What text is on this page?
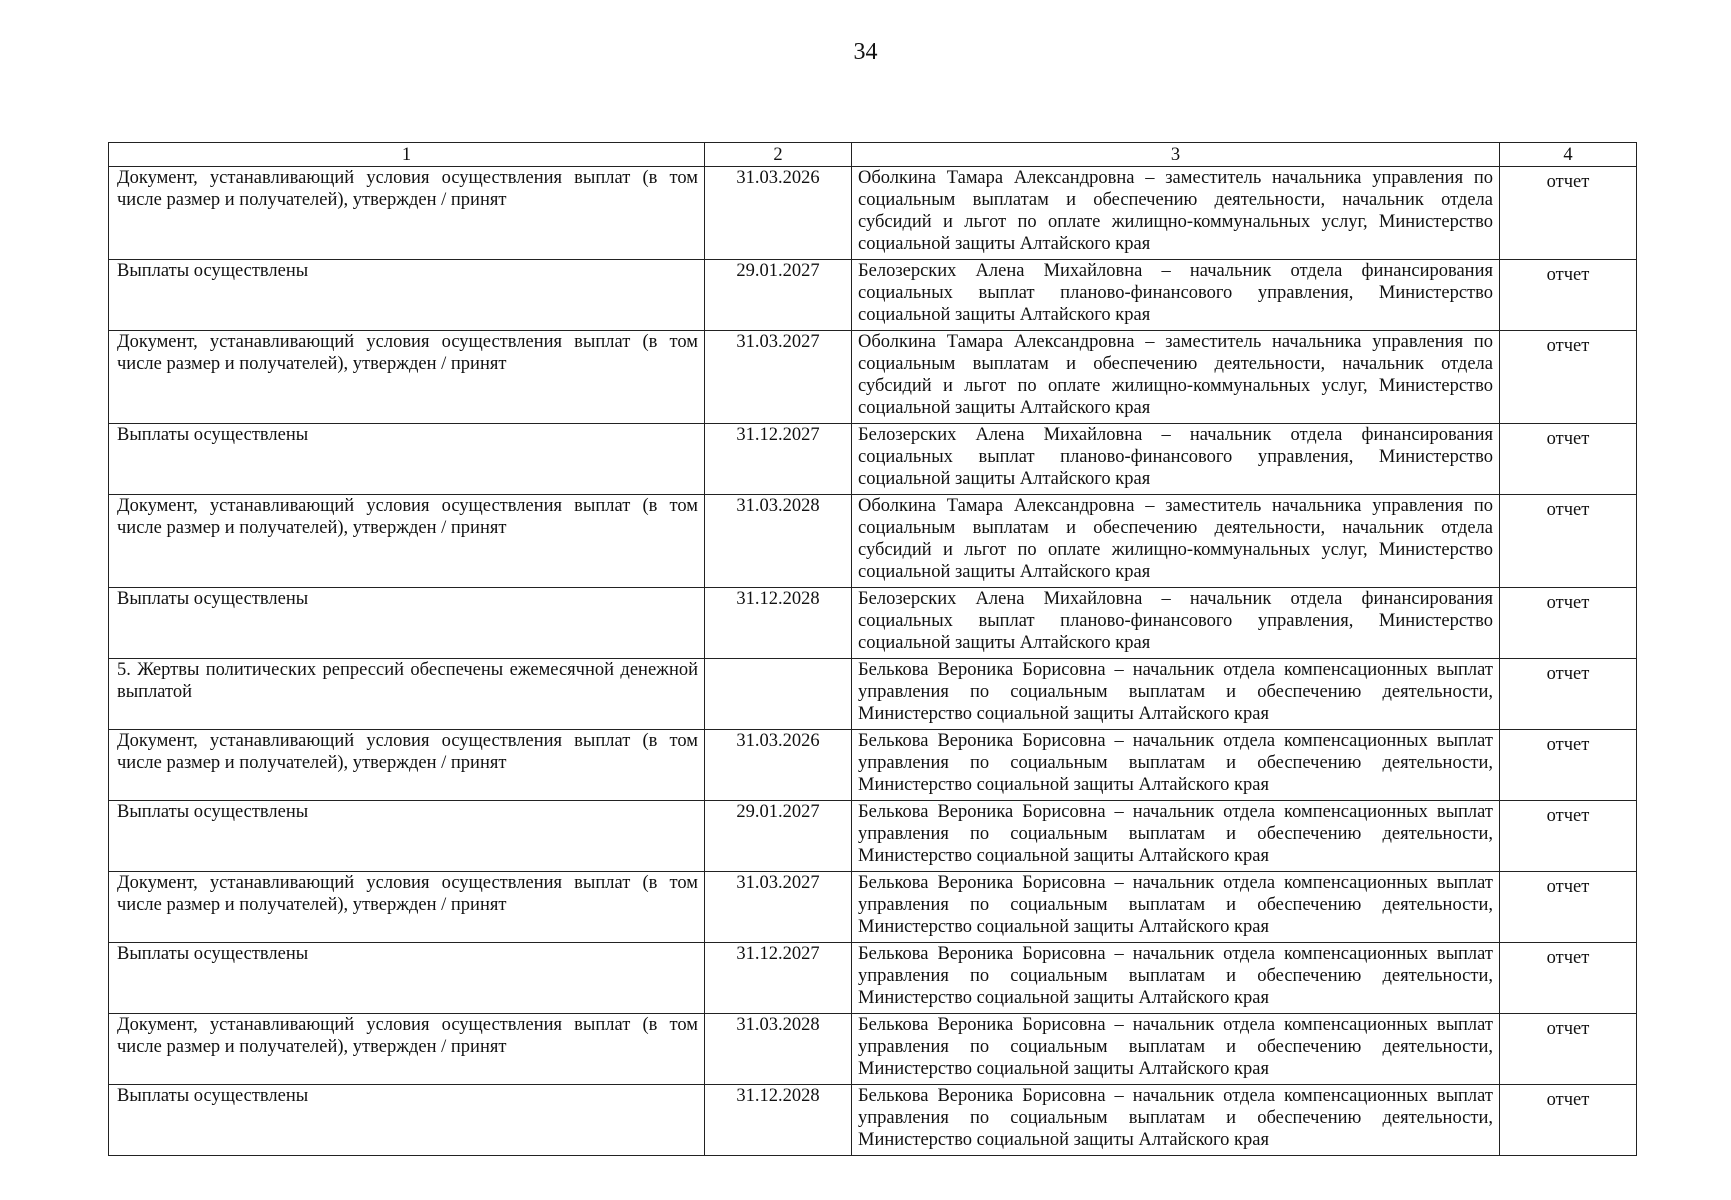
34
1	2	3	4
Документ, устанавливающий условия осуществления выплат (в том числе размер и получателей), утвержден / принят	31.03.2026	Оболкина Тамара Александровна – заместитель начальника управления по социальным выплатам и обеспечению деятельности, начальник отдела субсидий и льгот по оплате жилищно-коммунальных услуг, Министерство социальной защиты Алтайского края	отчет
Выплаты осуществлены	29.01.2027	Белозерских Алена Михайловна – начальник отдела финансирования социальных выплат планово-финансового управления, Министерство социальной защиты Алтайского края	отчет
Документ, устанавливающий условия осуществления выплат (в том числе размер и получателей), утвержден / принят	31.03.2027	Оболкина Тамара Александровна – заместитель начальника управления по социальным выплатам и обеспечению деятельности, начальник отдела субсидий и льгот по оплате жилищно-коммунальных услуг, Министерство социальной защиты Алтайского края	отчет
Выплаты осуществлены	31.12.2027	Белозерских Алена Михайловна – начальник отдела финансирования социальных выплат планово-финансового управления, Министерство социальной защиты Алтайского края	отчет
Документ, устанавливающий условия осуществления выплат (в том числе размер и получателей), утвержден / принят	31.03.2028	Оболкина Тамара Александровна – заместитель начальника управления по социальным выплатам и обеспечению деятельности, начальник отдела субсидий и льгот по оплате жилищно-коммунальных услуг, Министерство социальной защиты Алтайского края	отчет
Выплаты осуществлены	31.12.2028	Белозерских Алена Михайловна – начальник отдела финансирования социальных выплат планово-финансового управления, Министерство социальной защиты Алтайского края	отчет
5. Жертвы политических репрессий обеспечены ежемесячной денежной выплатой		Белькова Вероника Борисовна – начальник отдела компенсационных выплат управления по социальным выплатам и обеспечению деятельности, Министерство социальной защиты Алтайского края	отчет
Документ, устанавливающий условия осуществления выплат (в том числе размер и получателей), утвержден / принят	31.03.2026	Белькова Вероника Борисовна – начальник отдела компенсационных выплат управления по социальным выплатам и обеспечению деятельности, Министерство социальной защиты Алтайского края	отчет
Выплаты осуществлены	29.01.2027	Белькова Вероника Борисовна – начальник отдела компенсационных выплат управления по социальным выплатам и обеспечению деятельности, Министерство социальной защиты Алтайского края	отчет
Документ, устанавливающий условия осуществления выплат (в том числе размер и получателей), утвержден / принят	31.03.2027	Белькова Вероника Борисовна – начальник отдела компенсационных выплат управления по социальным выплатам и обеспечению деятельности, Министерство социальной защиты Алтайского края	отчет
Выплаты осуществлены	31.12.2027	Белькова Вероника Борисовна – начальник отдела компенсационных выплат управления по социальным выплатам и обеспечению деятельности, Министерство социальной защиты Алтайского края	отчет
Документ, устанавливающий условия осуществления выплат (в том числе размер и получателей), утвержден / принят	31.03.2028	Белькова Вероника Борисовна – начальник отдела компенсационных выплат управления по социальным выплатам и обеспечению деятельности, Министерство социальной защиты Алтайского края	отчет
Выплаты осуществлены	31.12.2028	Белькова Вероника Борисовна – начальник отдела компенсационных выплат управления по социальным выплатам и обеспечению деятельности, Министерство социальной защиты Алтайского края	отчет
